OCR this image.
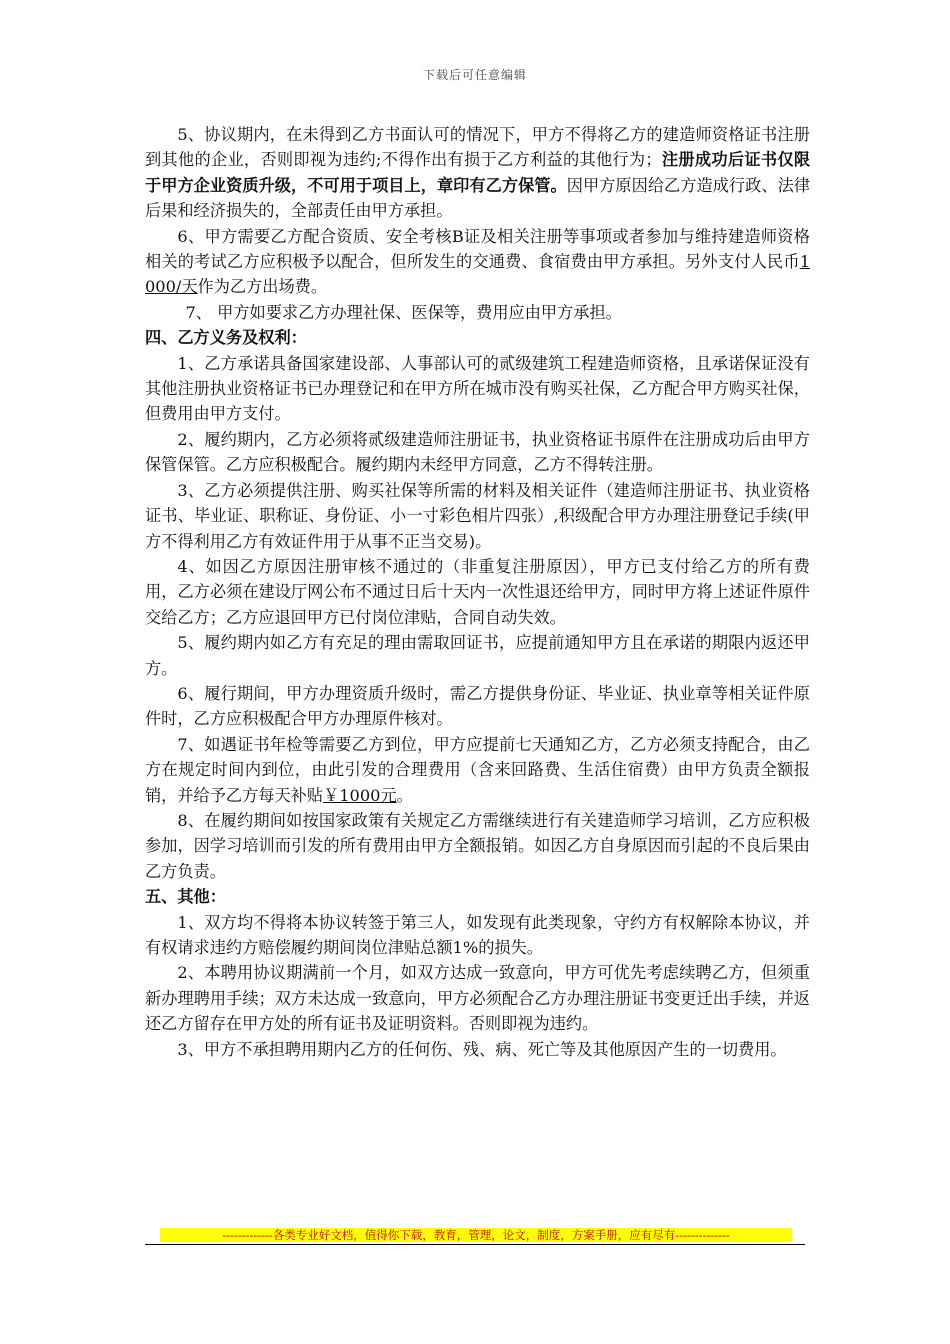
下载后可任意编辑

5、协议期内，在未得到乙方书面认可的情况下，甲方不得将乙方的建造师资格证书注册到其他的企业，否则即视为违约;不得作出有损于乙方利益的其他行为；注册成功后证书仅限于甲方企业资质升级，不可用于项目上，章印有乙方保管。因甲方原因给乙方造成行政、法律后果和经济损失的，全部责任由甲方承担。

6、甲方需要乙方配合资质、安全考核B证及相关注册等事项或者参加与维持建造师资格相关的考试乙方应积极予以配合，但所发生的交通费、食宿费由甲方承担。另外支付人民币1000/天作为乙方出场费。

7、 甲方如要求乙方办理社保、医保等，费用应由甲方承担。

四、乙方义务及权利：

1、乙方承诺具备国家建设部、人事部认可的贰级建筑工程建造师资格，且承诺保证没有其他注册执业资格证书已办理登记和在甲方所在城市没有购买社保，乙方配合甲方购买社保，但费用由甲方支付。

2、履约期内，乙方必须将贰级建造师注册证书，执业资格证书原件在注册成功后由甲方保管保管。乙方应积极配合。履约期内未经甲方同意，乙方不得转注册。

3、乙方必须提供注册、购买社保等所需的材料及相关证件（建造师注册证书、执业资格证书、毕业证、职称证、身份证、小一寸彩色相片四张）,积级配合甲方办理注册登记手续(甲方不得利用乙方有效证件用于从事不正当交易)。

4、如因乙方原因注册审核不通过的（非重复注册原因），甲方已支付给乙方的所有费用，乙方必须在建设厅网公布不通过日后十天内一次性退还给甲方，同时甲方将上述证件原件交给乙方；乙方应退回甲方已付岗位津贴，合同自动失效。

5、履约期内如乙方有充足的理由需取回证书，应提前通知甲方且在承诺的期限内返还甲方。

6、履行期间，甲方办理资质升级时，需乙方提供身份证、毕业证、执业章等相关证件原件时，乙方应积极配合甲方办理原件核对。

7、如遇证书年检等需要乙方到位，甲方应提前七天通知乙方，乙方必须支持配合，由乙方在规定时间内到位，由此引发的合理费用（含来回路费、生活住宿费）由甲方负责全额报销，并给予乙方每天补贴￥1000元。

8、在履约期间如按国家政策有关规定乙方需继续进行有关建造师学习培训，乙方应积极参加，因学习培训而引发的所有费用由甲方全额报销。如因乙方自身原因而引起的不良后果由乙方负责。

五、其他：

1、双方均不得将本协议转签于第三人，如发现有此类现象，守约方有权解除本协议，并有权请求违约方赔偿履约期间岗位津贴总额1%的损失。

2、本聘用协议期满前一个月，如双方达成一致意向，甲方可优先考虑续聘乙方，但须重新办理聘用手续；双方未达成一致意向，甲方必须配合乙方办理注册证书变更迁出手续，并返还乙方留存在甲方处的所有证书及证明资料。否则即视为违约。

3、甲方不承担聘用期内乙方的任何伤、残、病、死亡等及其他原因产生的一切费用。

-------------各类专业好文档，值得你下载，教育，管理，论文，制度，方案手册，应有尽有--------------
